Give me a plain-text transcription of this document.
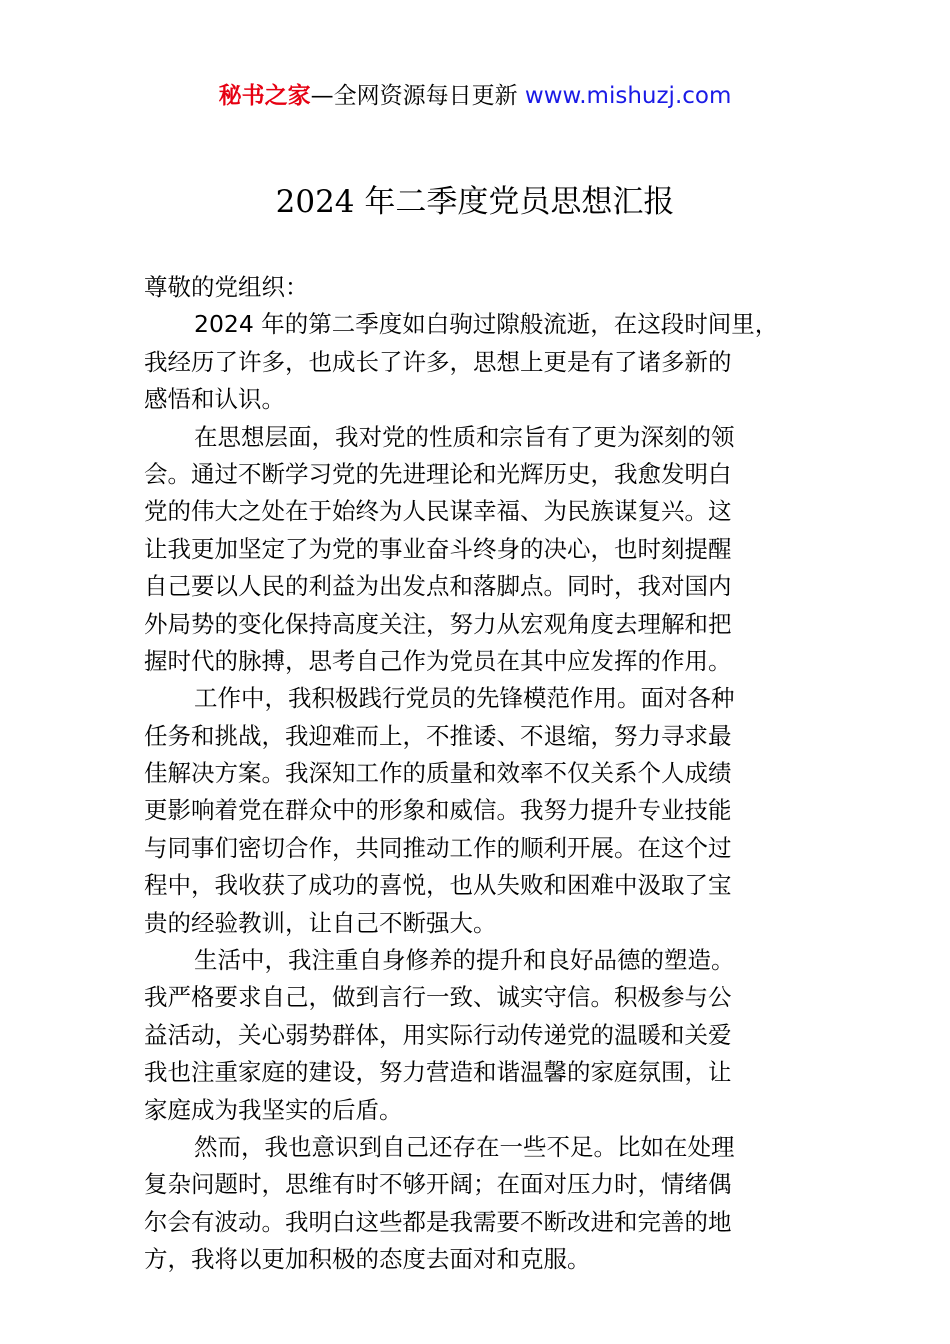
秘书之家—全网资源每日更新 www.mishuzj.com
2024 年二季度党员思想汇报
尊敬的党组织：
2024 年的第二季度如白驹过隙般流逝，在这段时间里，
我经历了许多，也成长了许多，思想上更是有了诸多新的
感悟和认识。
在思想层面，我对党的性质和宗旨有了更为深刻的领
会。通过不断学习党的先进理论和光辉历史，我愈发明白
党的伟大之处在于始终为人民谋幸福、为民族谋复兴。这
让我更加坚定了为党的事业奋斗终身的决心，也时刻提醒
自己要以人民的利益为出发点和落脚点。同时，我对国内
外局势的变化保持高度关注，努力从宏观角度去理解和把
握时代的脉搏，思考自己作为党员在其中应发挥的作用。
工作中，我积极践行党员的先锋模范作用。面对各种
任务和挑战，我迎难而上，不推诿、不退缩，努力寻求最
佳解决方案。我深知工作的质量和效率不仅关系个人成绩
更影响着党在群众中的形象和威信。我努力提升专业技能
与同事们密切合作，共同推动工作的顺利开展。在这个过
程中，我收获了成功的喜悦，也从失败和困难中汲取了宝
贵的经验教训，让自己不断强大。
生活中，我注重自身修养的提升和良好品德的塑造。
我严格要求自己，做到言行一致、诚实守信。积极参与公
益活动，关心弱势群体，用实际行动传递党的温暖和关爱
我也注重家庭的建设，努力营造和谐温馨的家庭氛围，让
家庭成为我坚实的后盾。
然而，我也意识到自己还存在一些不足。比如在处理
复杂问题时，思维有时不够开阔；在面对压力时，情绪偶
尔会有波动。我明白这些都是我需要不断改进和完善的地
方，我将以更加积极的态度去面对和克服。
